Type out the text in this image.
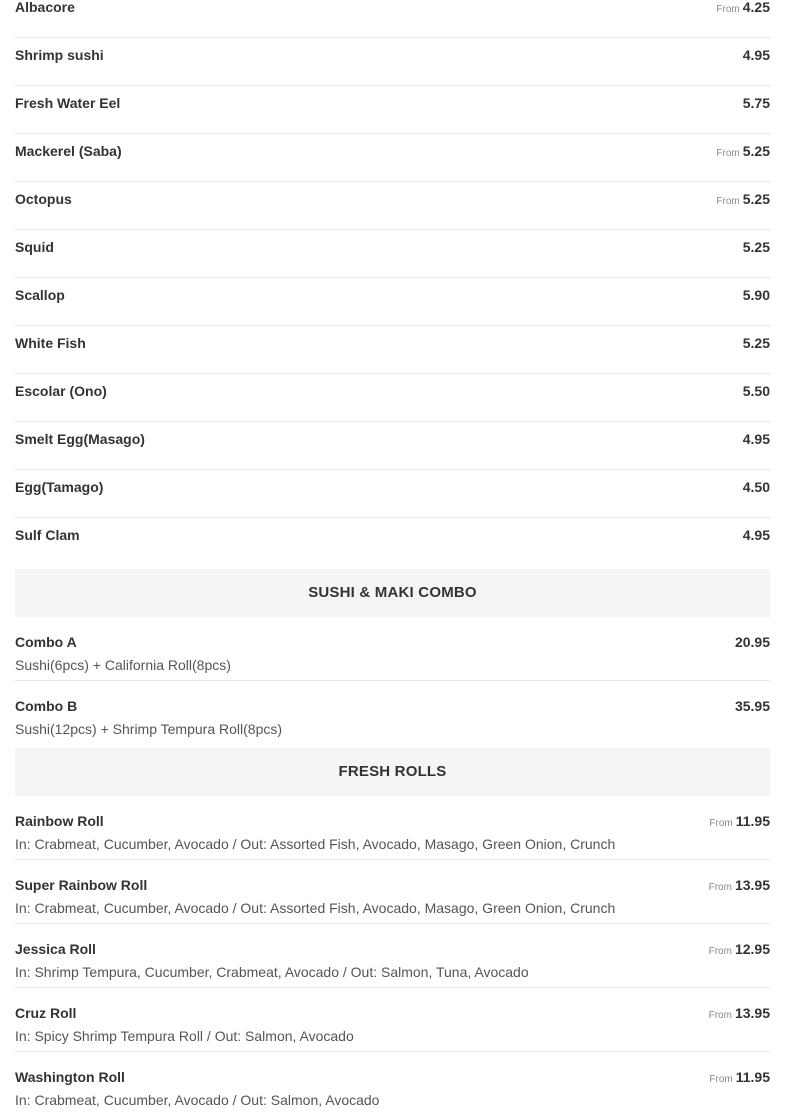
Albacore	From 4.25
Shrimp sushi	4.95
Fresh Water Eel	5.75
Mackerel (Saba)	From 5.25
Octopus	From 5.25
Squid	5.25
Scallop	5.90
White Fish	5.25
Escolar (Ono)	5.50
Smelt Egg(Masago)	4.95
Egg(Tamago)	4.50
Sulf Clam	4.95
SUSHI & MAKI COMBO
Combo A	20.95
Sushi(6pcs) + California Roll(8pcs)
Combo B	35.95
Sushi(12pcs) + Shrimp Tempura Roll(8pcs)
FRESH ROLLS
Rainbow Roll	From 11.95
In: Crabmeat, Cucumber, Avocado / Out: Assorted Fish, Avocado, Masago, Green Onion, Crunch
Super Rainbow Roll	From 13.95
In: Crabmeat, Cucumber, Avocado / Out: Assorted Fish, Avocado, Masago, Green Onion, Crunch
Jessica Roll	From 12.95
In: Shrimp Tempura, Cucumber, Crabmeat, Avocado / Out: Salmon, Tuna, Avocado
Cruz Roll	From 13.95
In: Spicy Shrimp Tempura Roll / Out: Salmon, Avocado
Washington Roll	From 11.95
In: Crabmeat, Cucumber, Avocado / Out: Salmon, Avocado
